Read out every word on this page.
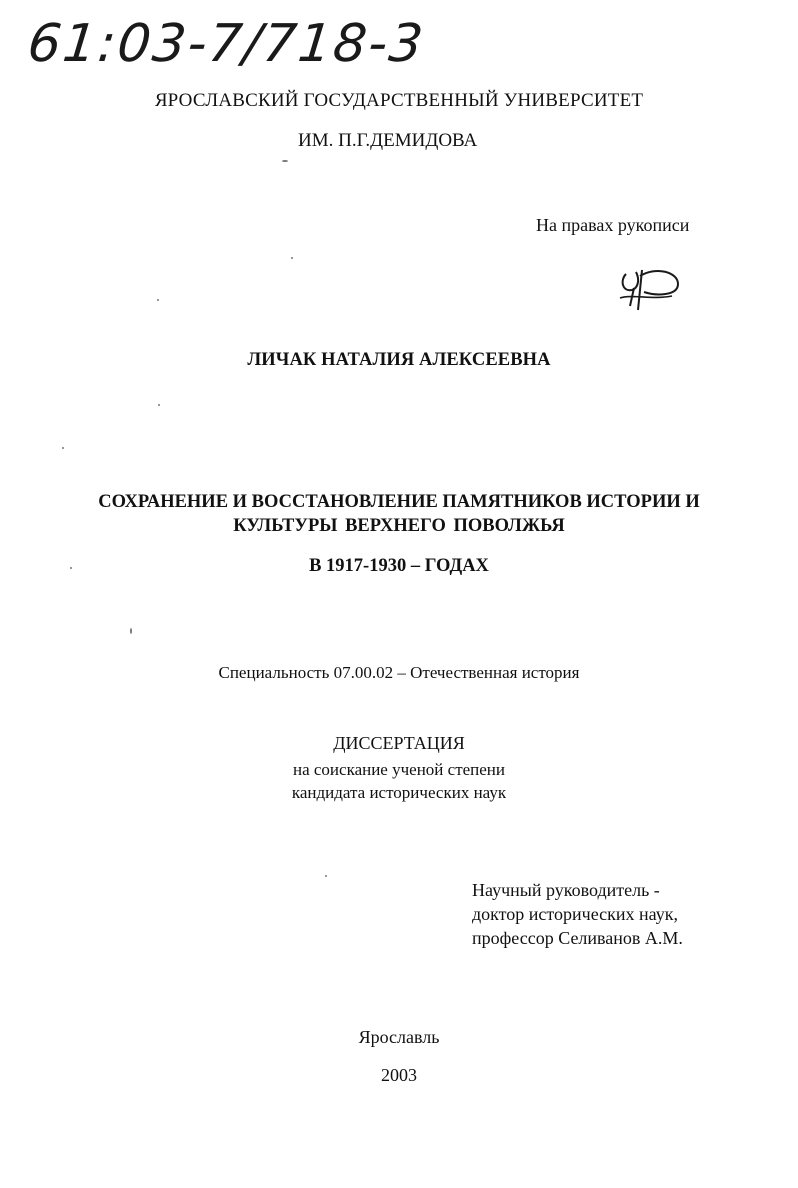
61:03-7/718-3
ЯРОСЛАВСКИЙ ГОСУДАРСТВЕННЫЙ УНИВЕРСИТЕТ
ИМ. П.Г.ДЕМИДОВА
На правах рукописи
ЛИЧАК НАТАЛИЯ АЛЕКСЕЕВНА
СОХРАНЕНИЕ И ВОССТАНОВЛЕНИЕ ПАМЯТНИКОВ ИСТОРИИ И
КУЛЬТУРЫ ВЕРХНЕГО ПОВОЛЖЬЯ
В 1917-1930 – ГОДАХ
Специальность 07.00.02 – Отечественная история
ДИССЕРТАЦИЯ
на соискание ученой степени
кандидата исторических наук
Научный руководитель -
доктор исторических наук,
профессор Селиванов А.М.
Ярославль
2003
